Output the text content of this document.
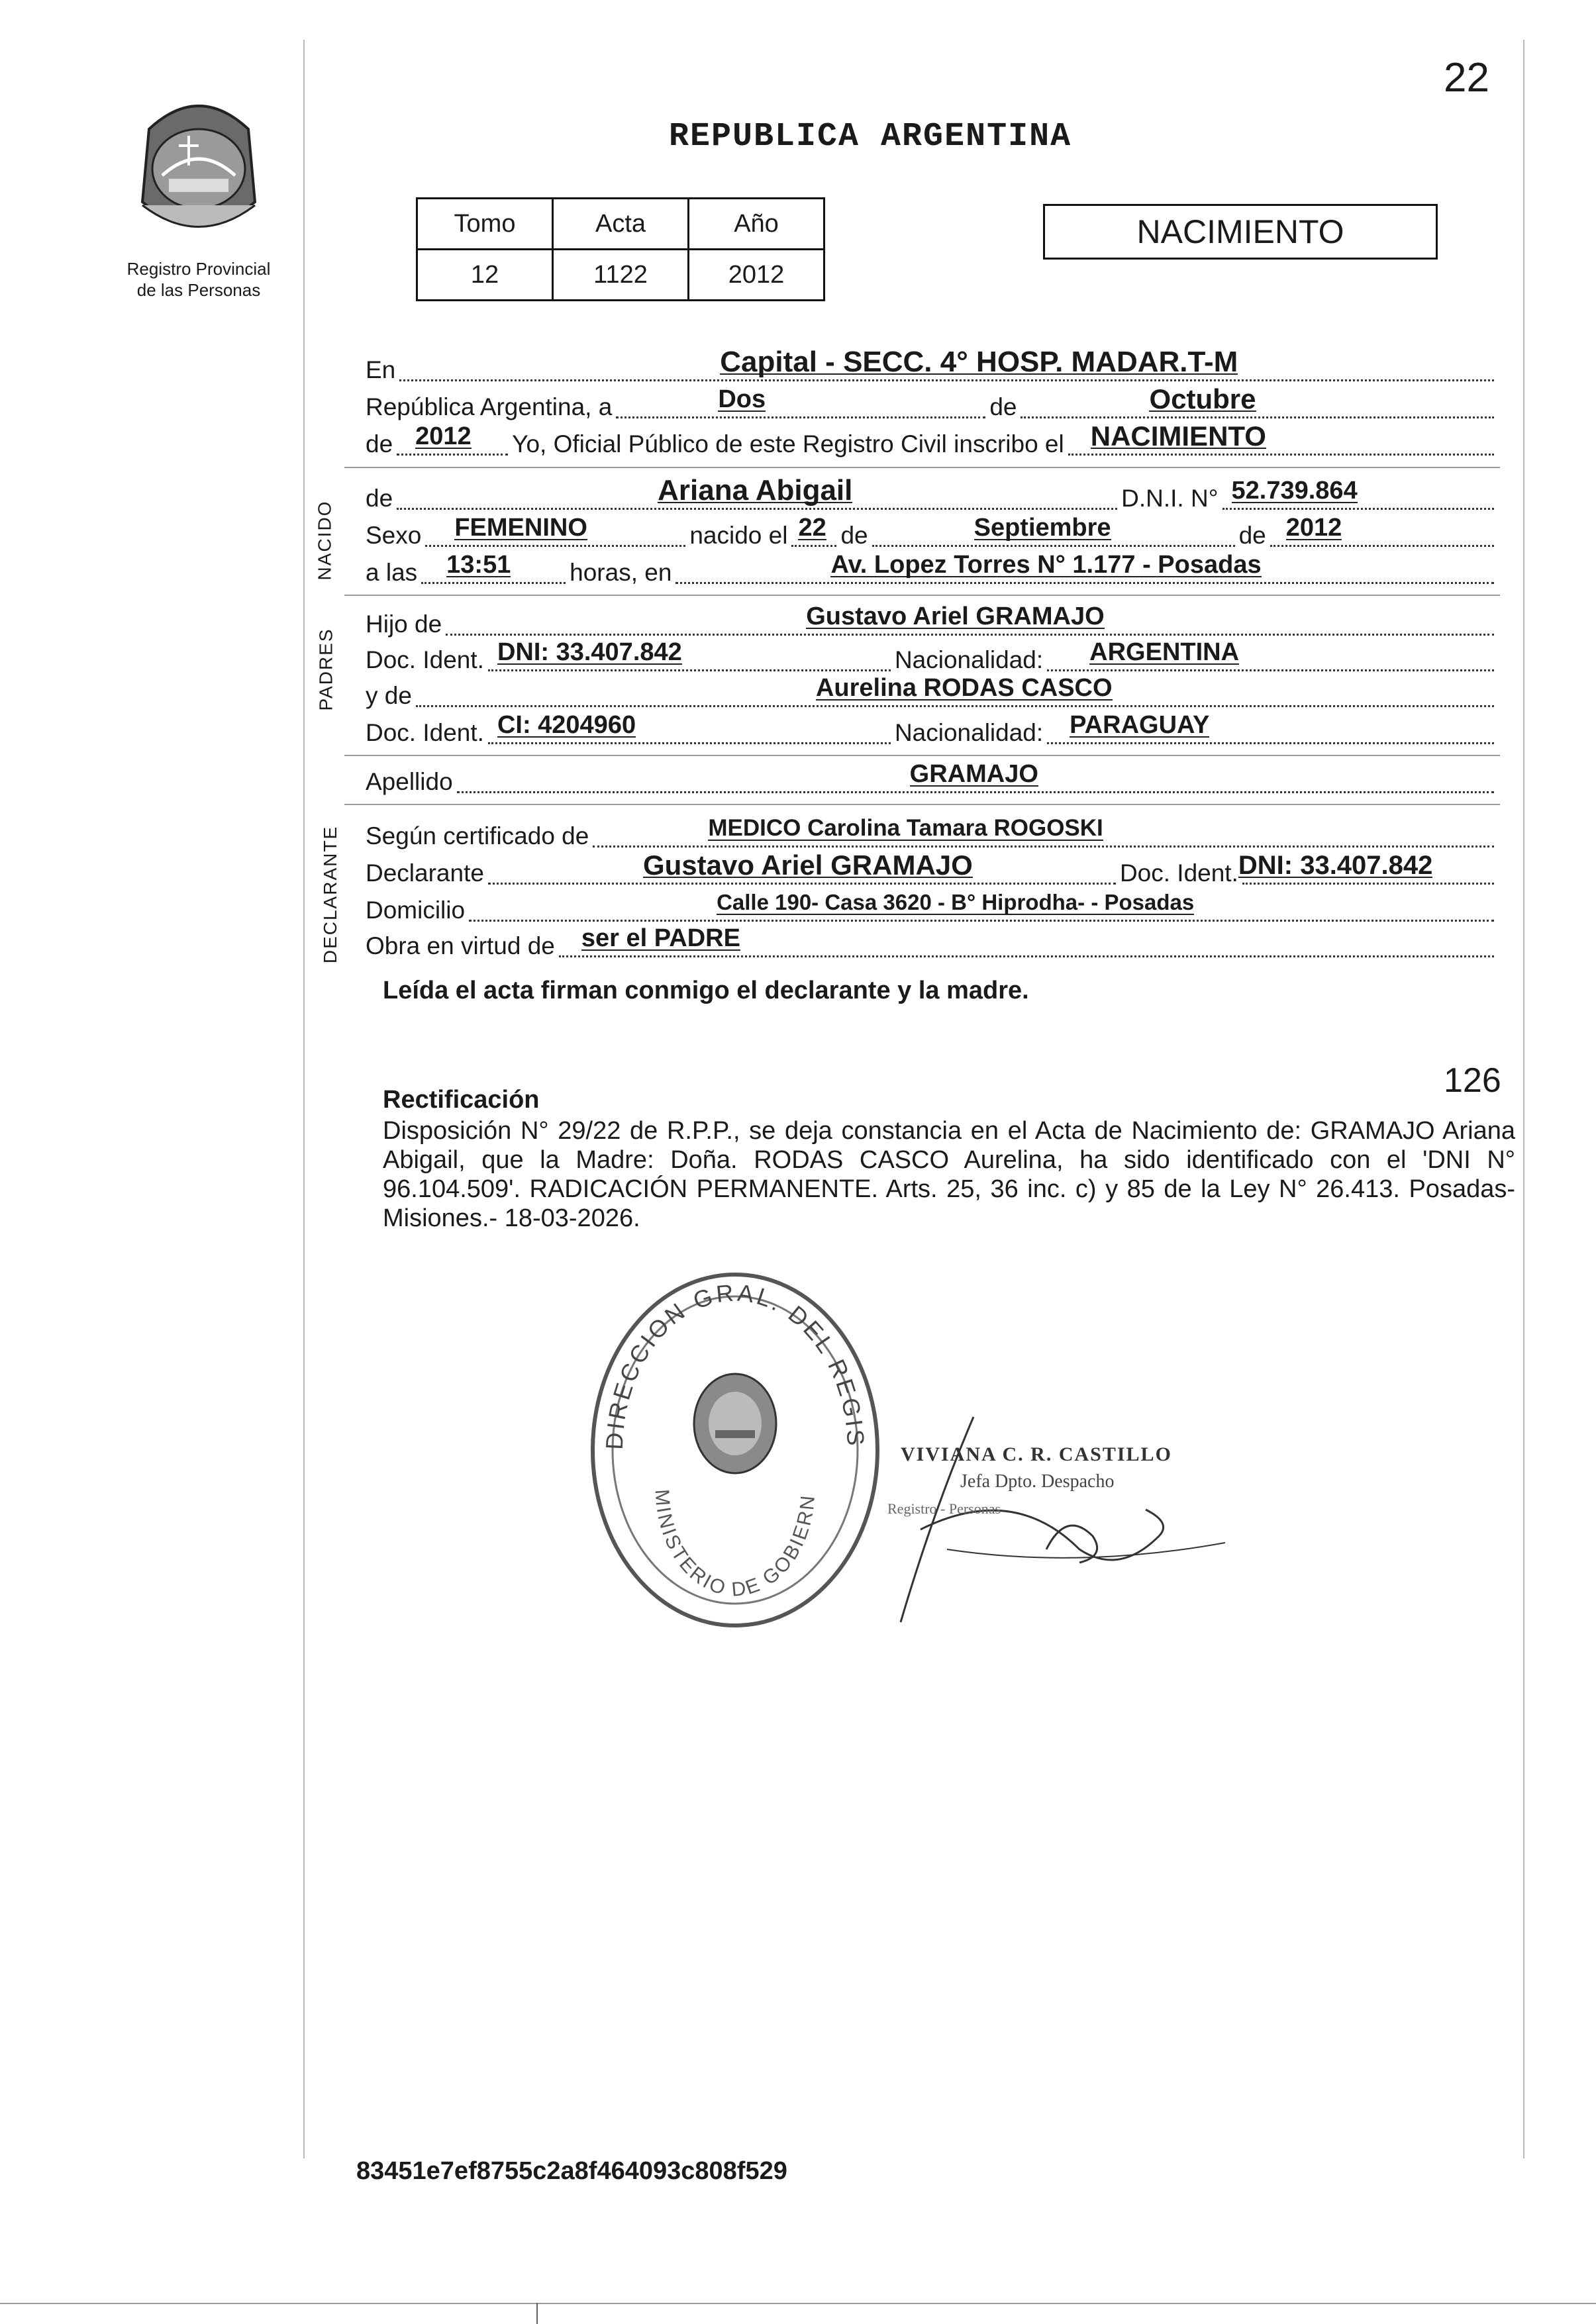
22
Registro Provincial
de las Personas
REPUBLICA ARGENTINA
Tomo	Acta	Año
12	1122	2012
NACIMIENTO
En	Capital - SECC. 4° HOSP. MADAR.T-M
República Argentina, a	Dos	de	Octubre
de 2012 Yo, Oficial Público de este Registro Civil inscribo el NACIMIENTO
NACIDO
de	Ariana Abigail	D.N.I. N° 52.739.864
Sexo FEMENINO	nacido el 22 de	Septiembre	de 2012
a las 13:51 horas, en	Av. Lopez Torres N° 1.177 - Posadas
PADRES
Hijo de	Gustavo Ariel GRAMAJO
Doc. Ident. DNI: 33.407.842	Nacionalidad: ARGENTINA
y de	Aurelina RODAS CASCO
Doc. Ident. CI: 4204960	Nacionalidad: PARAGUAY
Apellido	GRAMAJO
DECLARANTE Según certificado de	MEDICO Carolina Tamara ROGOSKI
Declarante	Gustavo Ariel GRAMAJO	Doc. Ident. DNI: 33.407.842
Domicilio	Calle 190- Casa 3620 - B° Hiprodha- - Posadas
Obra en virtud de ser el PADRE
Leída el acta firman conmigo el declarante y la madre.
126
Rectificación
Disposición N° 29/22 de R.P.P., se deja constancia en el Acta de Nacimiento de: GRAMAJO Ariana Abigail, que la Madre: Doña. RODAS CASCO Aurelina, ha sido identificado con el 'DNI N° 96.104.509'. RADICACIÓN PERMANENTE. Arts. 25, 36 inc. c) y 85 de la Ley N° 26.413. Posadas- Misiones.- 18-03-2026.
DIRECCION GRAL. DEL REGIS
MINISTERIO DE GOBIERN
VIVIANA C. R. CASTILLO
Jefa Dpto. Despacho
Registro - Personas
83451e7ef8755c2a8f464093c808f529
